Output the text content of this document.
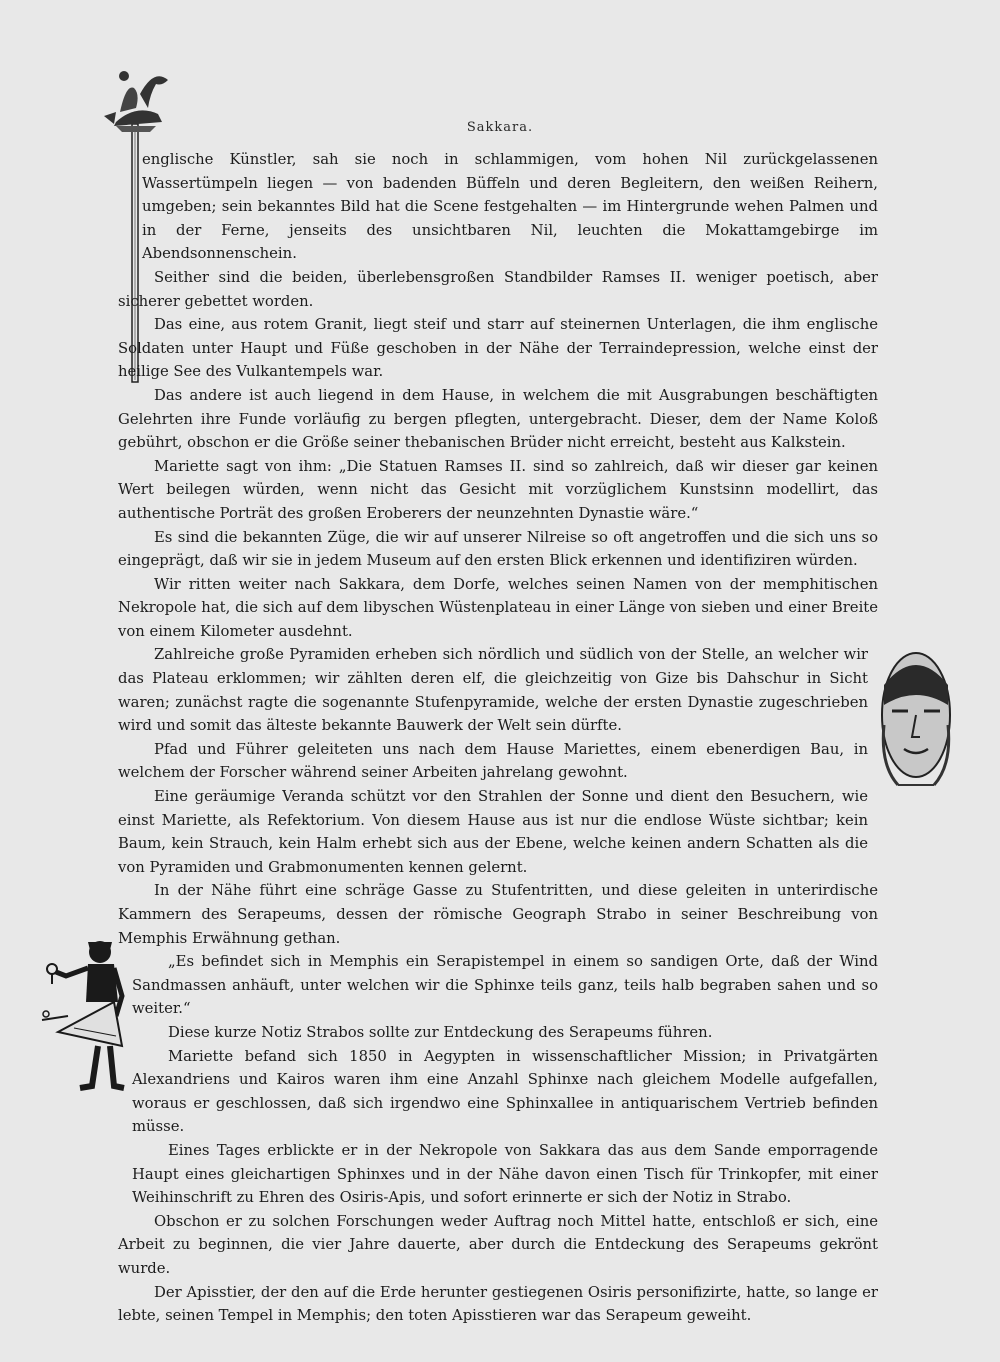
Sakkara.

englische Künstler, sah sie noch in schlammigen, vom hohen Nil zurückgelassenen Wassertümpeln liegen — von badenden Büffeln und deren Begleitern, den weißen Reihern, umgeben; sein bekanntes Bild hat die Scene festgehalten — im Hintergrunde wehen Palmen und in der Ferne, jenseits des unsichtbaren Nil, leuchten die Mokattamgebirge im Abendsonnenschein.

Seither sind die beiden, überlebensgroßen Standbilder Ramses II. weniger poetisch, aber sicherer gebettet worden.

Das eine, aus rotem Granit, liegt steif und starr auf steinernen Unterlagen, die ihm englische Soldaten unter Haupt und Füße geschoben in der Nähe der Terraindepression, welche einst der heilige See des Vulkantempels war.

Das andere ist auch liegend in dem Hause, in welchem die mit Ausgrabungen beschäftigten Gelehrten ihre Funde vorläufig zu bergen pflegten, untergebracht. Dieser, dem der Name Koloß gebührt, obschon er die Größe seiner thebanischen Brüder nicht erreicht, besteht aus Kalkstein.

Mariette sagt von ihm: „Die Statuen Ramses II. sind so zahlreich, daß wir dieser gar keinen Wert beilegen würden, wenn nicht das Gesicht mit vorzüglichem Kunstsinn modellirt, das authentische Porträt des großen Eroberers der neunzehnten Dynastie wäre.“

Es sind die bekannten Züge, die wir auf unserer Nilreise so oft angetroffen und die sich uns so eingeprägt, daß wir sie in jedem Museum auf den ersten Blick erkennen und identifiziren würden.

Wir ritten weiter nach Sakkara, dem Dorfe, welches seinen Namen von der memphitischen Nekropole hat, die sich auf dem libyschen Wüstenplateau in einer Länge von sieben und einer Breite von einem Kilometer ausdehnt.

Zahlreiche große Pyramiden erheben sich nördlich und südlich von der Stelle, an welcher wir das Plateau erklommen; wir zählten deren elf, die gleichzeitig von Gize bis Dahschur in Sicht waren; zunächst ragte die sogenannte Stufenpyramide, welche der ersten Dynastie zugeschrieben wird und somit das älteste bekannte Bauwerk der Welt sein dürfte.

Pfad und Führer geleiteten uns nach dem Hause Mariettes, einem ebenerdigen Bau, in welchem der Forscher während seiner Arbeiten jahrelang gewohnt.

Eine geräumige Veranda schützt vor den Strahlen der Sonne und dient den Besuchern, wie einst Mariette, als Refektorium. Von diesem Hause aus ist nur die endlose Wüste sichtbar; kein Baum, kein Strauch, kein Halm erhebt sich aus der Ebene, welche keinen andern Schatten als die von Pyramiden und Grabmonumenten kennen gelernt.

In der Nähe führt eine schräge Gasse zu Stufentritten, und diese geleiten in unterirdische Kammern des Serapeums, dessen der römische Geograph Strabo in seiner Beschreibung von Memphis Erwähnung gethan.

„Es befindet sich in Memphis ein Serapistempel in einem so sandigen Orte, daß der Wind Sandmassen anhäuft, unter welchen wir die Sphinxe teils ganz, teils halb begraben sahen und so weiter.“

Diese kurze Notiz Strabos sollte zur Entdeckung des Serapeums führen.

Mariette befand sich 1850 in Aegypten in wissenschaftlicher Mission; in Privatgärten Alexandriens und Kairos waren ihm eine Anzahl Sphinxe nach gleichem Modelle aufgefallen, woraus er geschlossen, daß sich irgendwo eine Sphinxallee in antiquarischem Vertrieb befinden müsse.

Eines Tages erblickte er in der Nekropole von Sakkara das aus dem Sande emporragende Haupt eines gleichartigen Sphinxes und in der Nähe davon einen Tisch für Trinkopfer, mit einer Weihinschrift zu Ehren des Osiris-Apis, und sofort erinnerte er sich der Notiz in Strabo.

Obschon er zu solchen Forschungen weder Auftrag noch Mittel hatte, entschloß er sich, eine Arbeit zu beginnen, die vier Jahre dauerte, aber durch die Entdeckung des Serapeums gekrönt wurde.

Der Apisstier, der den auf die Erde herunter gestiegenen Osiris personifizirte, hatte, so lange er lebte, seinen Tempel in Memphis; den toten Apisstieren war das Serapeum geweiht.
